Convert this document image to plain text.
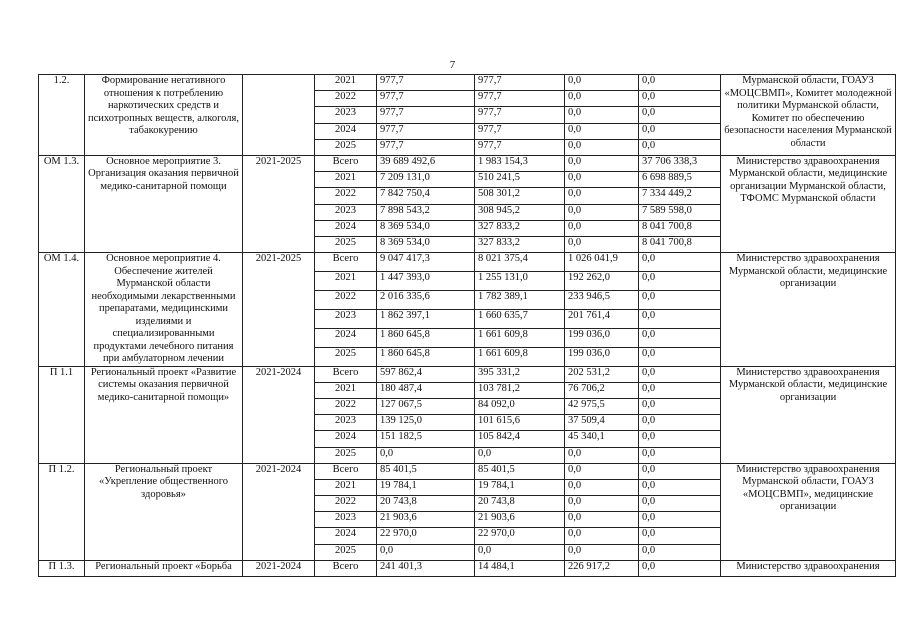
7
1.2.	Формирование негативного отношения к потреблению наркотических средств и психотропных веществ, алкоголя, табакокурению		2021	977,7	977,7	0,0	0,0	Мурманской области, ГОАУЗ «МОЦСВМП», Комитет молодежной политики Мурманской области, Комитет по обеспечению безопасности населения Мурманской области
			2022	977,7	977,7	0,0	0,0	
			2023	977,7	977,7	0,0	0,0	
			2024	977,7	977,7	0,0	0,0	
			2025	977,7	977,7	0,0	0,0	
ОМ 1.3.	Основное мероприятие 3. Организация оказания первичной медико-санитарной помощи	2021-2025	Всего	39 689 492,6	1 983 154,3	0,0	37 706 338,3	Министерство здравоохранения Мурманской области, медицинские организации Мурманской области, ТФОМС Мурманской области
			2021	7 209 131,0	510 241,5	0,0	6 698 889,5	
			2022	7 842 750,4	508 301,2	0,0	7 334 449,2	
			2023	7 898 543,2	308 945,2	0,0	7 589 598,0	
			2024	8 369 534,0	327 833,2	0,0	8 041 700,8	
			2025	8 369 534,0	327 833,2	0,0	8 041 700,8	
ОМ 1.4.	Основное мероприятие 4. Обеспечение жителей Мурманской области необходимыми лекарственными препаратами, медицинскими изделиями и специализированными продуктами лечебного питания при амбулаторном лечении	2021-2025	Всего	9 047 417,3	8 021 375,4	1 026 041,9	0,0	Министерство здравоохранения Мурманской области, медицинские организации
			2021	1 447 393,0	1 255 131,0	192 262,0	0,0	
			2022	2 016 335,6	1 782 389,1	233 946,5	0,0	
			2023	1 862 397,1	1 660 635,7	201 761,4	0,0	
			2024	1 860 645,8	1 661 609,8	199 036,0	0,0	
			2025	1 860 645,8	1 661 609,8	199 036,0	0,0	
П 1.1	Региональный проект «Развитие системы оказания первичной медико-санитарной помощи»	2021-2024	Всего	597 862,4	395 331,2	202 531,2	0,0	Министерство здравоохранения Мурманской области, медицинские организации
			2021	180 487,4	103 781,2	76 706,2	0,0	
			2022	127 067,5	84 092,0	42 975,5	0,0	
			2023	139 125,0	101 615,6	37 509,4	0,0	
			2024	151 182,5	105 842,4	45 340,1	0,0	
			2025	0,0	0,0	0,0	0,0	
П 1.2.	Региональный проект «Укрепление общественного здоровья»	2021-2024	Всего	85 401,5	85 401,5	0,0	0,0	Министерство здравоохранения Мурманской области, ГОАУЗ «МОЦСВМП», медицинские организации
			2021	19 784,1	19 784,1	0,0	0,0	
			2022	20 743,8	20 743,8	0,0	0,0	
			2023	21 903,6	21 903,6	0,0	0,0	
			2024	22 970,0	22 970,0	0,0	0,0	
			2025	0,0	0,0	0,0	0,0	
П 1.3.	Региональный проект «Борьба	2021-2024	Всего	241 401,3	14 484,1	226 917,2	0,0	Министерство здравоохранения
